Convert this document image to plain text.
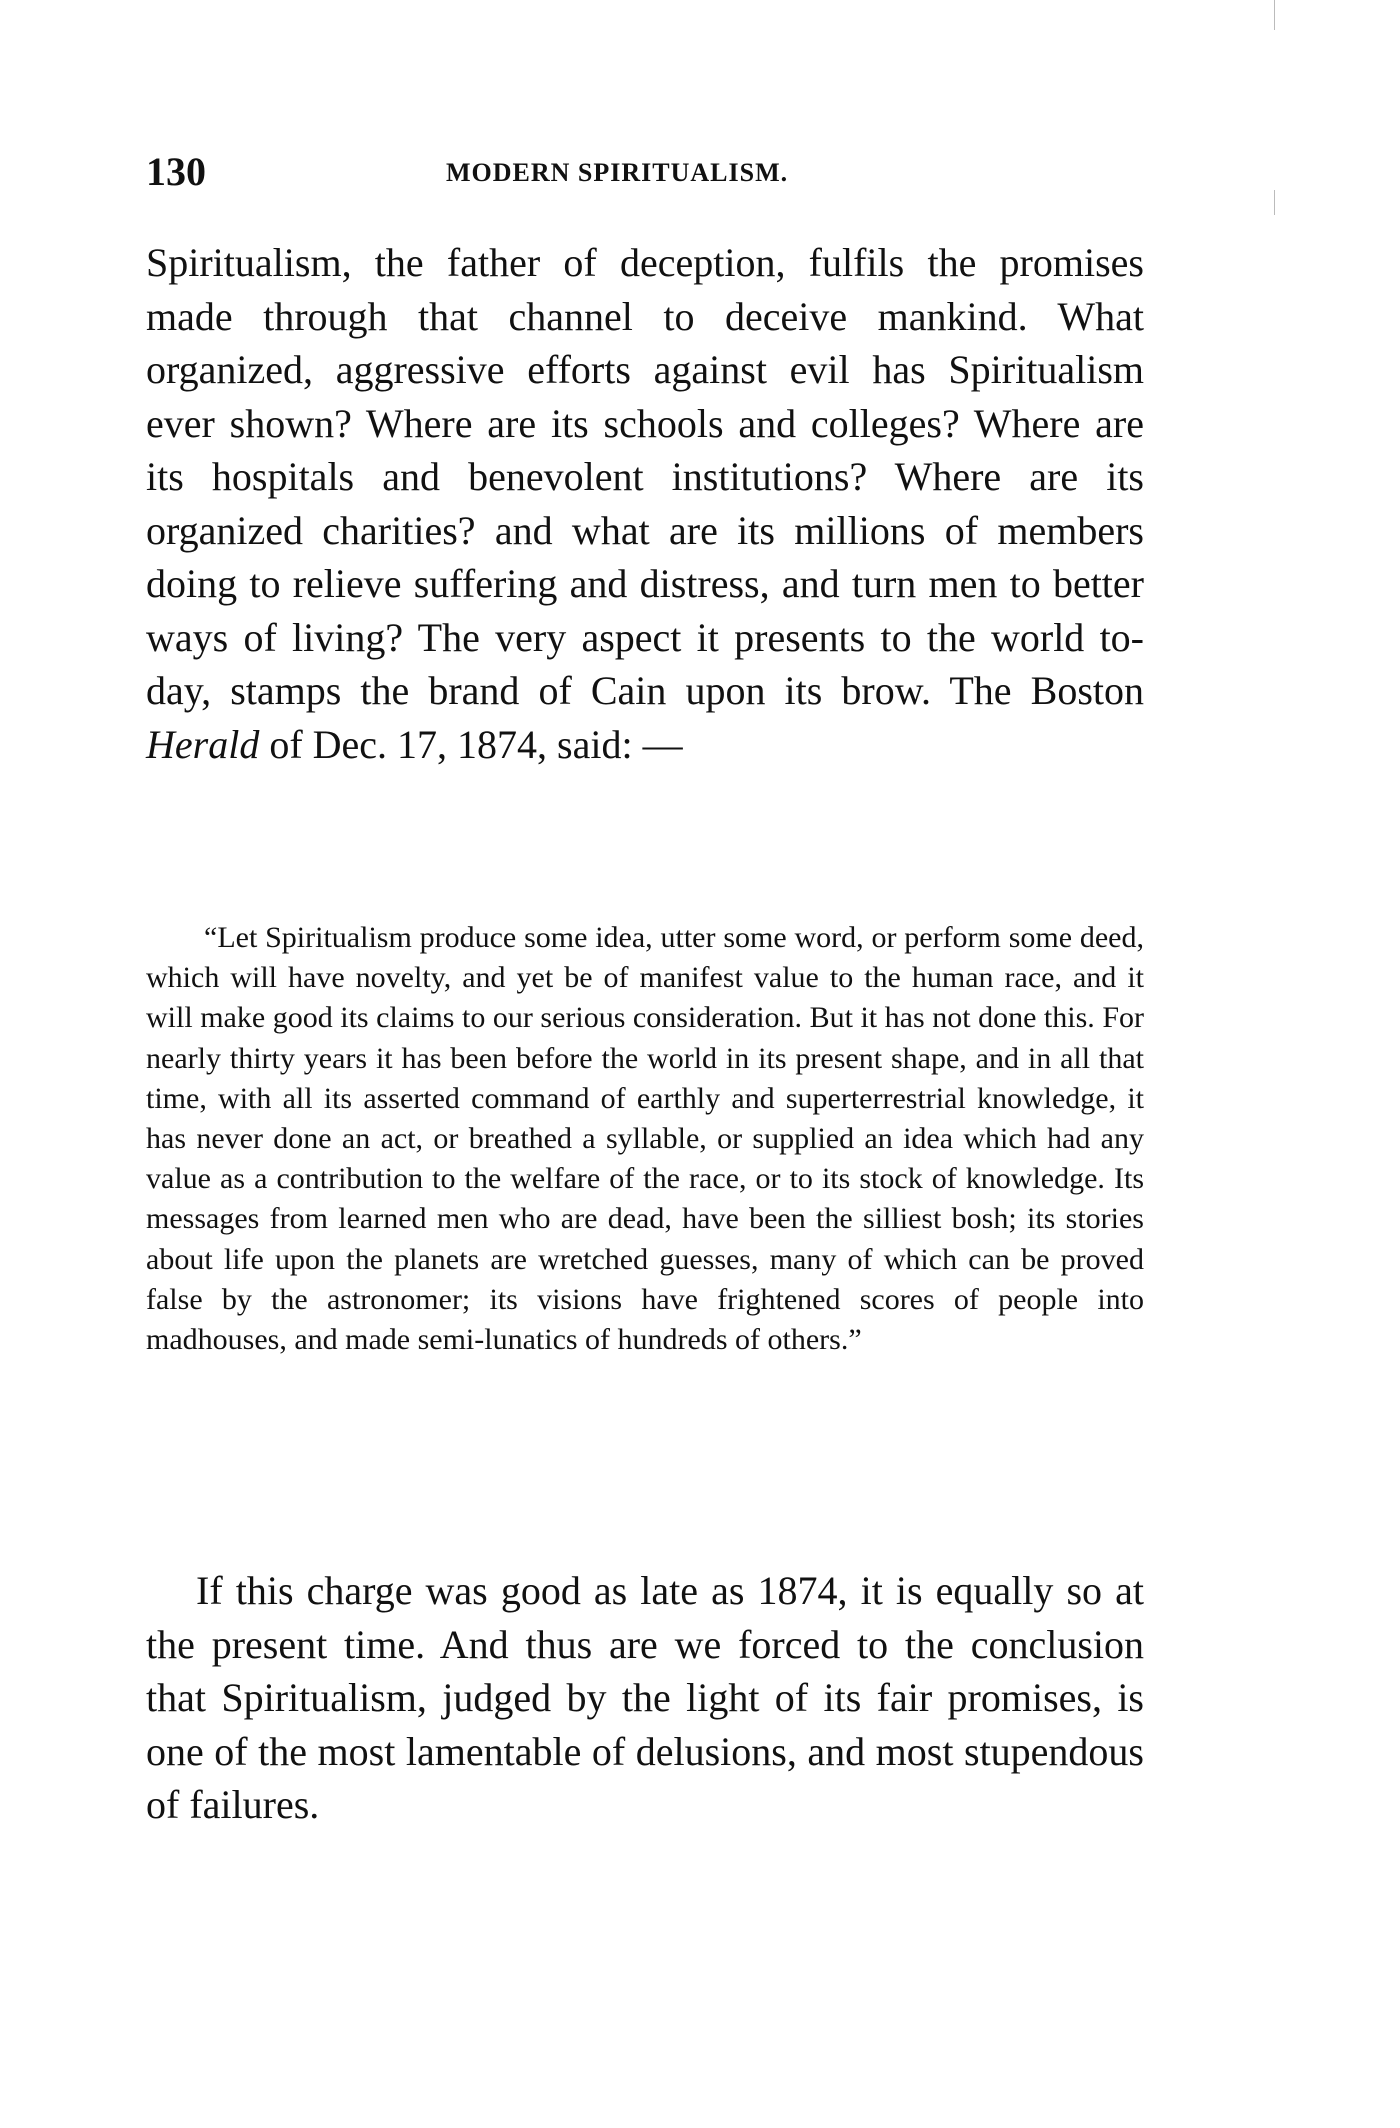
130	MODERN SPIRITUALISM.

Spiritualism, the father of deception, fulfils the promises made through that channel to deceive mankind. What organized, aggressive efforts against evil has Spiritualism ever shown? Where are its schools and colleges? Where are its hospitals and benevolent institutions? Where are its organized charities? and what are its millions of members doing to relieve suffering and distress, and turn men to better ways of living? The very aspect it presents to the world to-day, stamps the brand of Cain upon its brow. The Boston Herald of Dec. 17, 1874, said: —

“Let Spiritualism produce some idea, utter some word, or perform some deed, which will have novelty, and yet be of manifest value to the human race, and it will make good its claims to our serious consideration. But it has not done this. For nearly thirty years it has been before the world in its present shape, and in all that time, with all its asserted command of earthly and superterrestrial knowledge, it has never done an act, or breathed a syllable, or supplied an idea which had any value as a contribution to the welfare of the race, or to its stock of knowledge. Its messages from learned men who are dead, have been the silliest bosh; its stories about life upon the planets are wretched guesses, many of which can be proved false by the astronomer; its visions have frightened scores of people into madhouses, and made semi-lunatics of hundreds of others.”

If this charge was good as late as 1874, it is equally so at the present time. And thus are we forced to the conclusion that Spiritualism, judged by the light of its fair promises, is one of the most lamentable of delusions, and most stupendous of failures.
